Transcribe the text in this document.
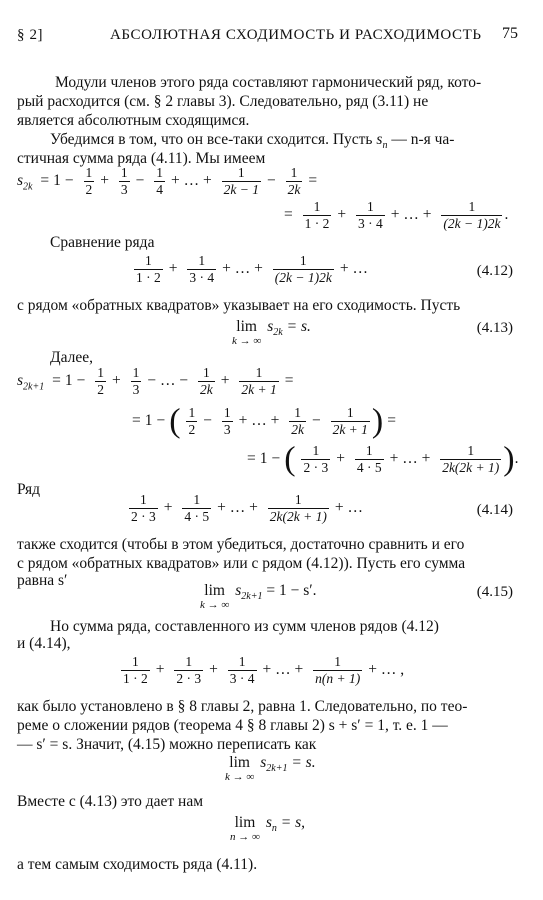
§ 2]	АБСОЛЮТНАЯ СХОДИМОСТЬ И РАСХОДИМОСТЬ 75
Модули членов этого ряда составляют гармонический ряд, кото-
рый расходится (см. § 2 главы 3). Следовательно, ряд (3.11) не
является абсолютным сходящимся.
Убедимся в том, что он все-таки сходится. Пусть $s_n$ — n-я ча-
стичная сумма ряда (4.11). Мы имеем
$s_{2k} = 1 - \frac{1}{2} + \frac{1}{3} - \frac{1}{4}$ + … + $\frac{1}{2k - 1} - \frac{1}{2k}$ =
= $\frac{1}{1 \cdot 2} + \frac{1}{3 \cdot 4}$ + … + $\frac{1}{(2k - 1)2k}$ .
Сравнение ряда
$\frac{1}{1 \cdot 2} + \frac{1}{3 \cdot 4}$ + … + $\frac{1}{(2k - 1)2k}$ + …	(4.12)
с рядом «обратных квадратов» указывает на его сходимость. Пусть
lim
k → ∞
$s_{2k} = s$.	(4.13)
Далее,
$s_{2k+1} = 1 - \frac{1}{2} + \frac{1}{3}$ − … − $\frac{1}{2k} + \frac{1}{2k + 1}$ =
= 1 − ( $\frac{1}{2} - \frac{1}{3}$ + … + $\frac{1}{2k} - \frac{1}{2k + 1}$ ) =
= 1 − ( $\frac{1}{2 \cdot 3} + \frac{1}{4 \cdot 5}$ + … + $\frac{1}{2k(2k + 1)}$ ).
Ряд
$\frac{1}{2 \cdot 3} + \frac{1}{4 \cdot 5}$ + … + $\frac{1}{2k(2k + 1)}$ + …	(4.14)
также сходится (чтобы в этом убедиться, достаточно сравнить и его
с рядом «обратных квадратов» или с рядом (4.12)). Пусть его сумма
равна s′
lim
k → ∞
$s_{2k+1} = 1 - s'$.	(4.15)
Но сумма ряда, составленного из сумм членов рядов (4.12)
и (4.14),
$\frac{1}{1 \cdot 2} + \frac{1}{2 \cdot 3} + \frac{1}{3 \cdot 4}$ + … + $\frac{1}{n(n + 1)}$ + … ,
как было установлено в § 8 главы 2, равна 1. Следовательно, по тео-
реме о сложении рядов (теорема 4 § 8 главы 2) s + s′ = 1, т. е. 1 —
— s′ = s. Значит, (4.15) можно переписать как
lim
k → ∞
$s_{2k+1} = s$.
Вместе с (4.13) это дает нам
lim
n → ∞
$s_n = s$,
а тем самым сходимость ряда (4.11).
